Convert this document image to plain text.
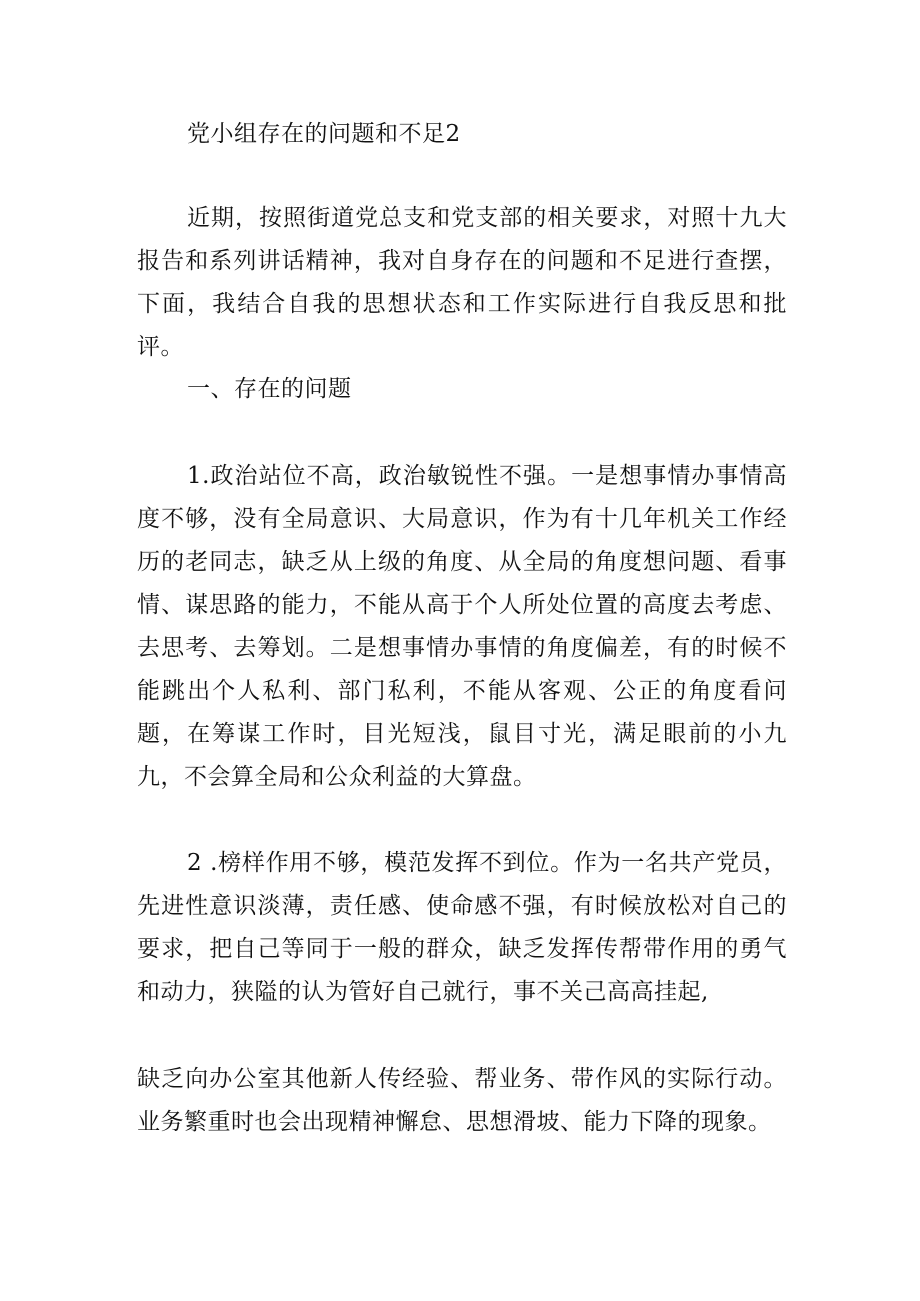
党小组存在的问题和不足2

近期，按照街道党总支和党支部的相关要求，对照十九大报告和系列讲话精神，我对自身存在的问题和不足进行查摆，下面，我结合自我的思想状态和工作实际进行自我反思和批评。

一、存在的问题

1.政治站位不高，政治敏锐性不强。一是想事情办事情高度不够，没有全局意识、大局意识，作为有十几年机关工作经历的老同志，缺乏从上级的角度、从全局的角度想问题、看事情、谋思路的能力，不能从高于个人所处位置的高度去考虑、去思考、去筹划。二是想事情办事情的角度偏差，有的时候不能跳出个人私利、部门私利，不能从客观、公正的角度看问题，在筹谋工作时，目光短浅，鼠目寸光，满足眼前的小九九，不会算全局和公众利益的大算盘。

2 .榜样作用不够，模范发挥不到位。作为一名共产党员，先进性意识淡薄，责任感、使命感不强，有时候放松对自己的要求，把自己等同于一般的群众，缺乏发挥传帮带作用的勇气和动力，狭隘的认为管好自己就行，事不关己高高挂起,

缺乏向办公室其他新人传经验、帮业务、带作风的实际行动。业务繁重时也会出现精神懈怠、思想滑坡、能力下降的现象。
